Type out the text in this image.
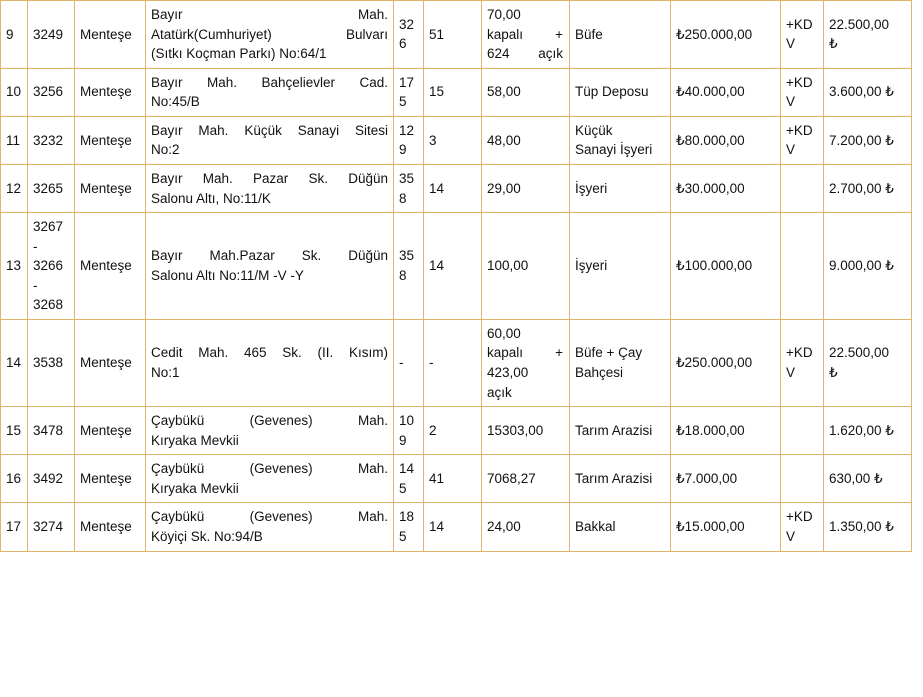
9	3249	Menteşe	Bayır Mah.
Atatürk(Cumhuriyet) Bulvarı
(Sıtkı Koçman Parkı) No:64/1	326	51	70,00
kapalı +
624 açık	Büfe	₺250.000,00	+KDV	22.500,00
₺

10	3256	Menteşe	Bayır Mah. Bahçelievler Cad.
No:45/B	175	15	58,00	Tüp Deposu	₺40.000,00	+KDV	3.600,00 ₺

11	3232	Menteşe	Bayır Mah. Küçük Sanayi Sitesi
No:2	129	3	48,00	Küçük
Sanayi İşyeri	₺80.000,00	+KDV	7.200,00 ₺

12	3265	Menteşe	Bayır Mah. Pazar Sk. Düğün
Salonu Altı, No:11/K	358	14	29,00	İşyeri	₺30.000,00		2.700,00 ₺

13	3267 -
3266 -
3268	Menteşe	Bayır Mah.Pazar Sk. Düğün
Salonu Altı No:11/M -V -Y	358	14	100,00	İşyeri	₺100.000,00		9.000,00 ₺

14	3538	Menteşe	Cedit Mah. 465 Sk. (II. Kısım)
No:1	-	-	60,00
kapalı +
423,00
açık	Büfe + Çay
Bahçesi	₺250.000,00	+KDV	22.500,00
₺

15	3478	Menteşe	Çaybükü (Gevenes) Mah.
Kıryaka Mevkii	109	2	15303,00	Tarım Arazisi	₺18.000,00		1.620,00 ₺

16	3492	Menteşe	Çaybükü (Gevenes) Mah.
Kıryaka Mevkii	145	41	7068,27	Tarım Arazisi	₺7.000,00		630,00 ₺

17	3274	Menteşe	Çaybükü (Gevenes) Mah.
Köyiçi Sk. No:94/B	185	14	24,00	Bakkal	₺15.000,00	+KDV	1.350,00 ₺
